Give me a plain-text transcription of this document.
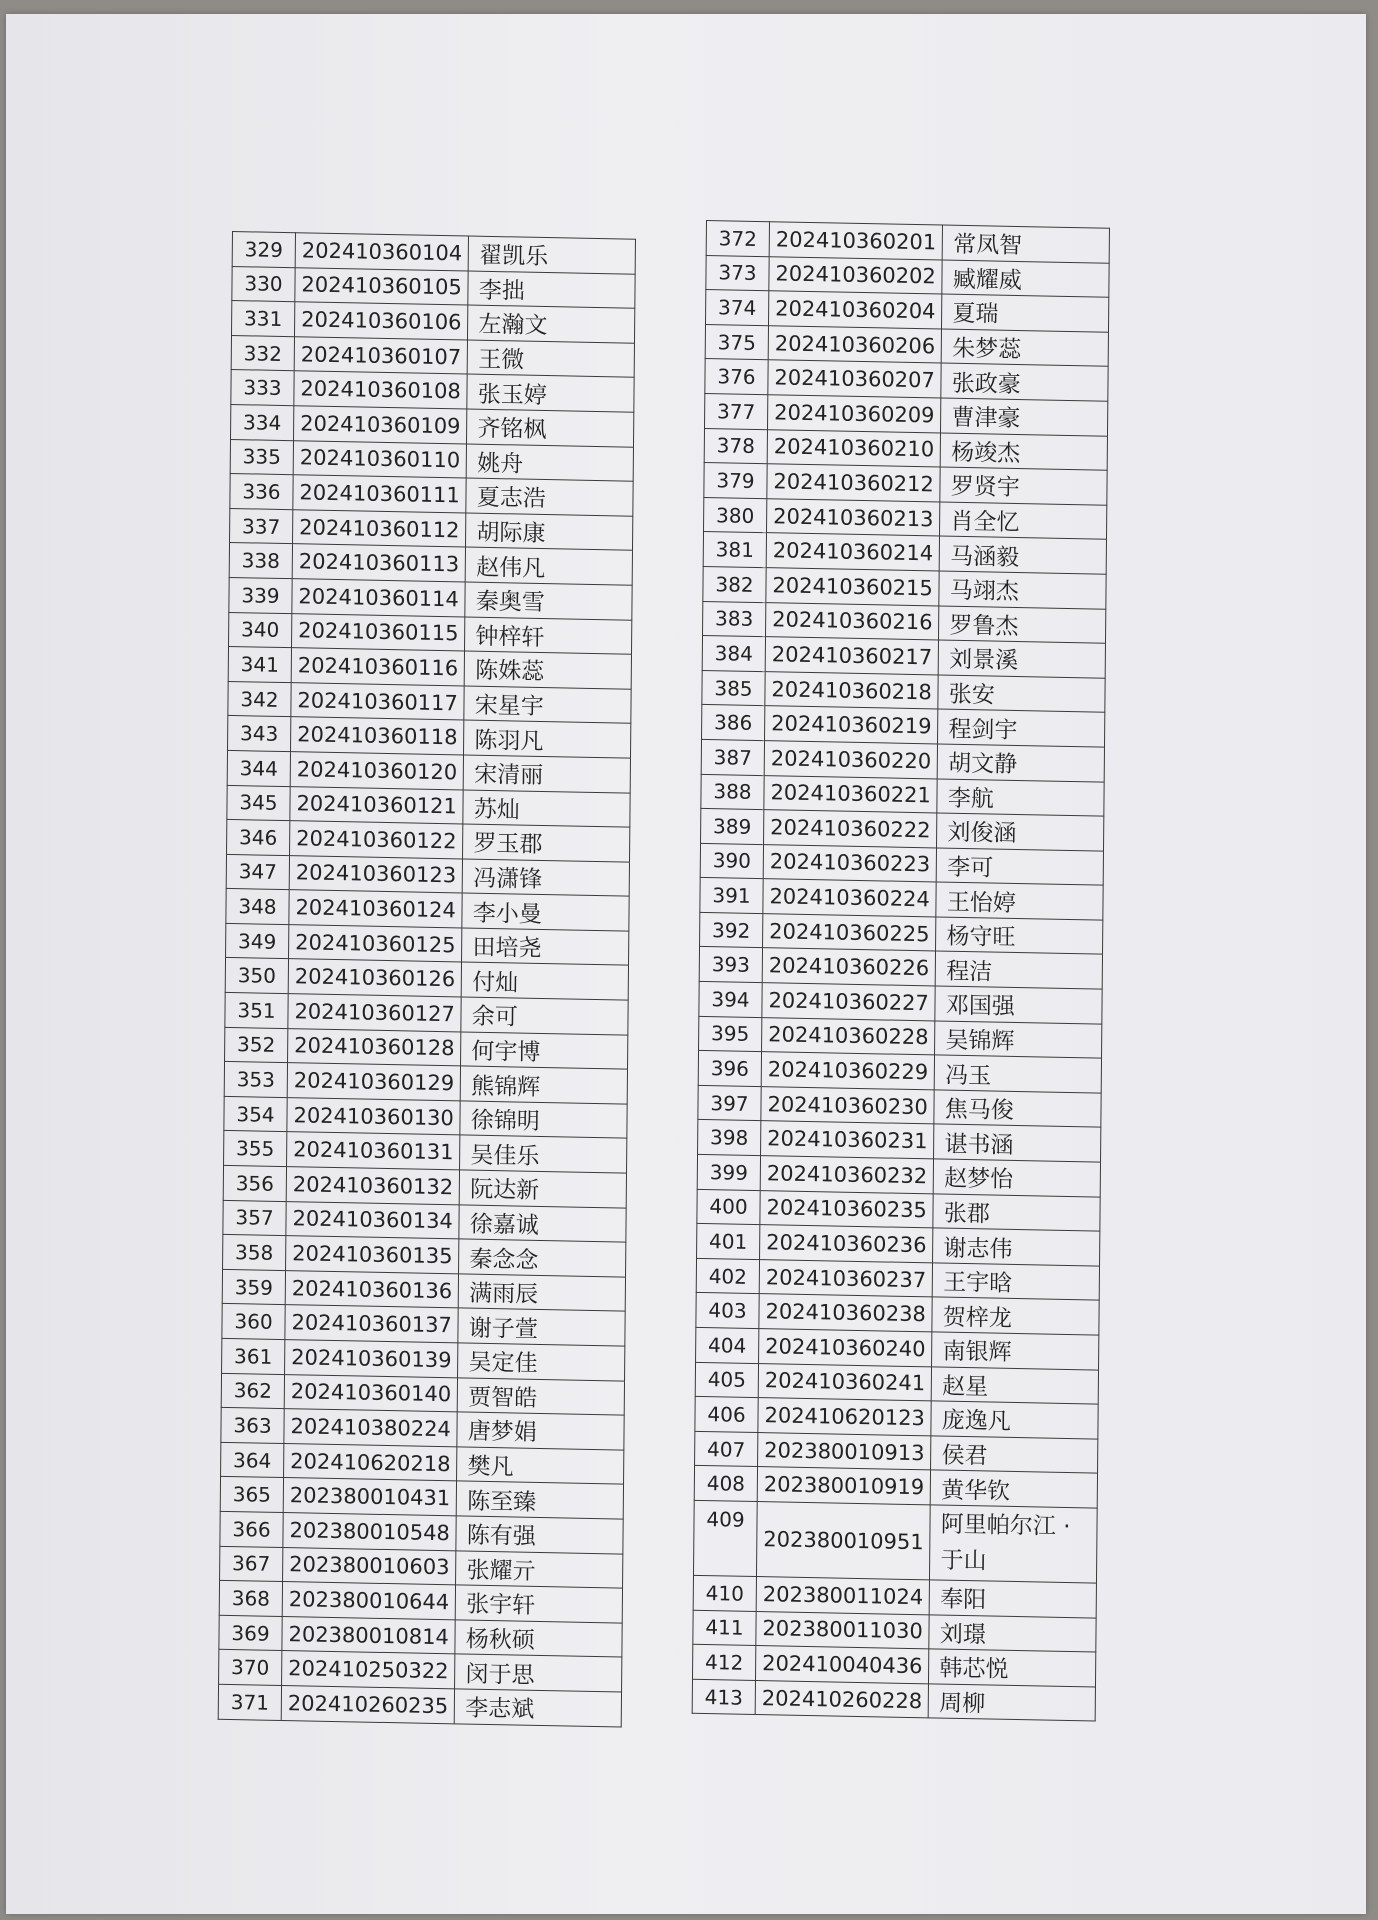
329	202410360104	翟凯乐
330	202410360105	李拙
331	202410360106	左瀚文
332	202410360107	王微
333	202410360108	张玉婷
334	202410360109	齐铭枫
335	202410360110	姚舟
336	202410360111	夏志浩
337	202410360112	胡际康
338	202410360113	赵伟凡
339	202410360114	秦奥雪
340	202410360115	钟梓轩
341	202410360116	陈姝蕊
342	202410360117	宋星宇
343	202410360118	陈羽凡
344	202410360120	宋清丽
345	202410360121	苏灿
346	202410360122	罗玉郡
347	202410360123	冯潇锋
348	202410360124	李小曼
349	202410360125	田培尧
350	202410360126	付灿
351	202410360127	余可
352	202410360128	何宇博
353	202410360129	熊锦辉
354	202410360130	徐锦明
355	202410360131	吴佳乐
356	202410360132	阮达新
357	202410360134	徐嘉诚
358	202410360135	秦念念
359	202410360136	满雨辰
360	202410360137	谢子萱
361	202410360139	吴定佳
362	202410360140	贾智皓
363	202410380224	唐梦娟
364	202410620218	樊凡
365	202380010431	陈至臻
366	202380010548	陈有强
367	202380010603	张耀亓
368	202380010644	张宇轩
369	202380010814	杨秋硕
370	202410250322	闵于思
371	202410260235	李志斌
372	202410360201	常凤智
373	202410360202	臧耀威
374	202410360204	夏瑞
375	202410360206	朱梦蕊
376	202410360207	张政豪
377	202410360209	曹津豪
378	202410360210	杨竣杰
379	202410360212	罗贤宇
380	202410360213	肖全忆
381	202410360214	马涵毅
382	202410360215	马翊杰
383	202410360216	罗鲁杰
384	202410360217	刘景溪
385	202410360218	张安
386	202410360219	程剑宇
387	202410360220	胡文静
388	202410360221	李航
389	202410360222	刘俊涵
390	202410360223	李可
391	202410360224	王怡婷
392	202410360225	杨守旺
393	202410360226	程洁
394	202410360227	邓国强
395	202410360228	吴锦辉
396	202410360229	冯玉
397	202410360230	焦马俊
398	202410360231	谌书涵
399	202410360232	赵梦怡
400	202410360235	张郡
401	202410360236	谢志伟
402	202410360237	王宇晗
403	202410360238	贺梓龙
404	202410360240	南银辉
405	202410360241	赵星
406	202410620123	庞逸凡
407	202380010913	侯君
408	202380010919	黄华钦
409	202380010951	阿里帕尔江 ·于山
410	202380011024	奉阳
411	202380011030	刘璟
412	202410040436	韩芯悦
413	202410260228	周柳
